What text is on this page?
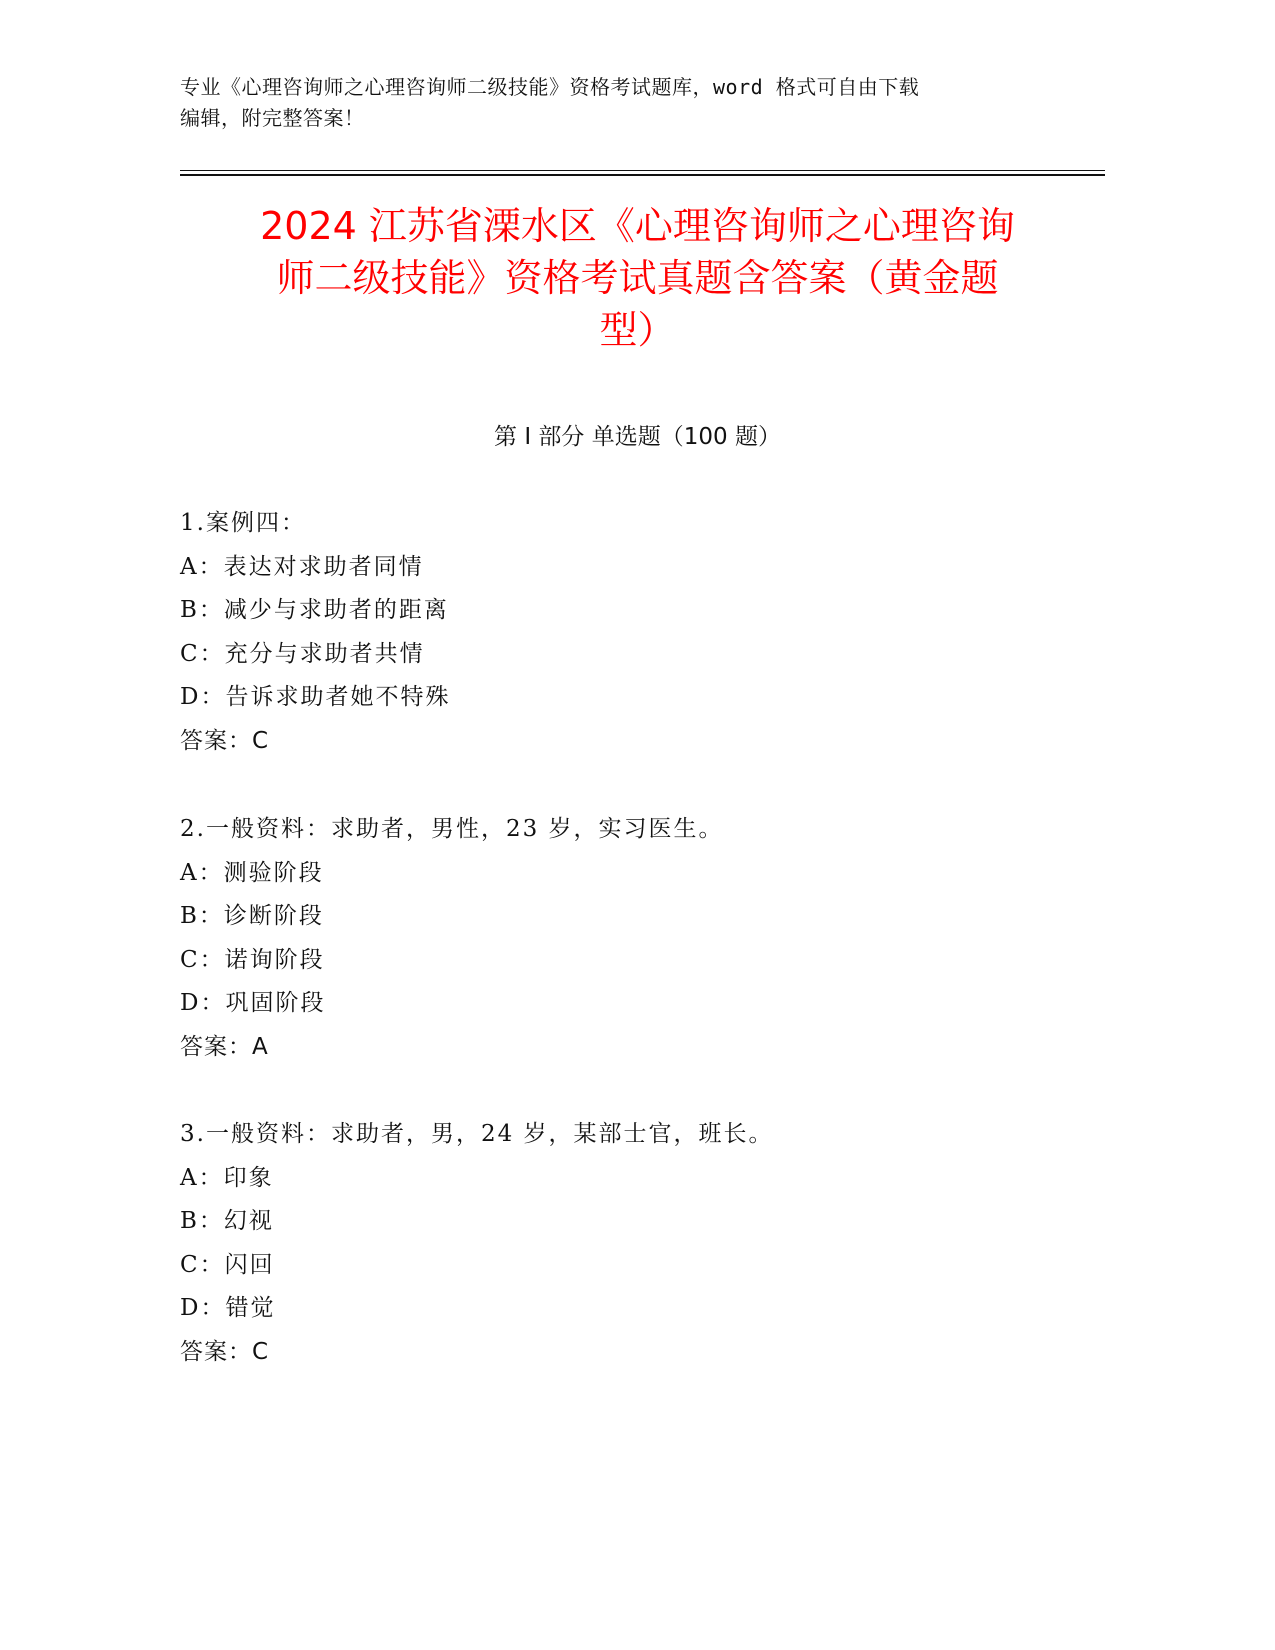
专业《心理咨询师之心理咨询师二级技能》资格考试题库，word 格式可自由下载
编辑，附完整答案！
2024 江苏省溧水区《心理咨询师之心理咨询
师二级技能》资格考试真题含答案（黄金题
型）
第 I 部分 单选题（100 题）
1.案例四：
A：表达对求助者同情
B：减少与求助者的距离
C：充分与求助者共情
D：告诉求助者她不特殊
答案：C
2.一般资料：求助者，男性，23 岁，实习医生。
A：测验阶段
B：诊断阶段
C：诺询阶段
D：巩固阶段
答案：A
3.一般资料：求助者，男，24 岁，某部士官，班长。
A：印象
B：幻视
C：闪回
D：错觉
答案：C
